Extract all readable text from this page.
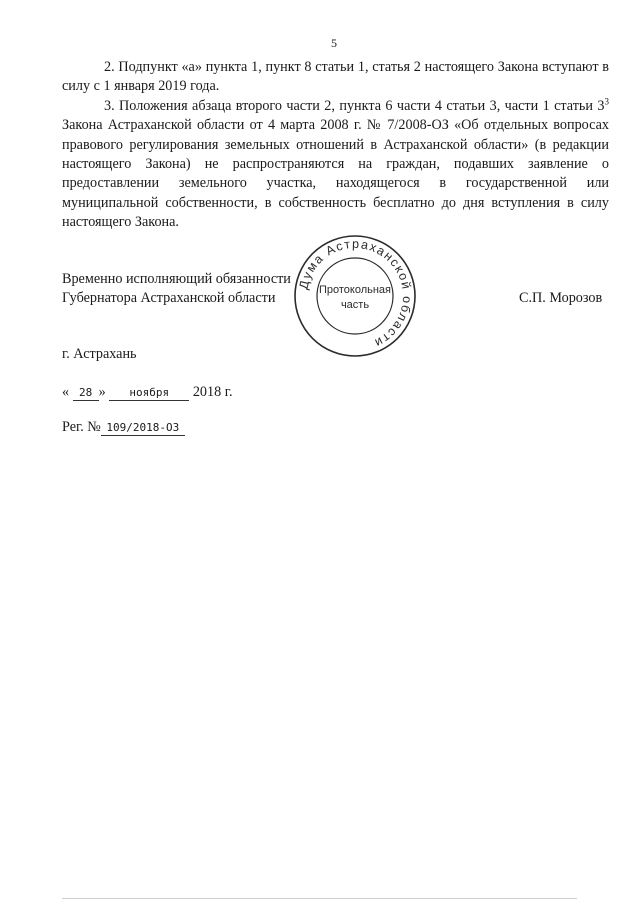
5

2. Подпункт «а» пункта 1, пункт 8 статьи 1, статья 2 настоящего Закона вступают в силу с 1 января 2019 года.

3. Положения абзаца второго части 2, пункта 6 части 4 статьи 3, части 1 статьи $3^3$ Закона Астраханской области от 4 марта 2008 г. № 7/2008-ОЗ «Об отдельных вопросах правового регулирования земельных отношений в Астраханской области» (в редакции настоящего Закона) не распространяются на граждан, подавших заявление о предоставлении земельного участка, находящегося в государственной или муниципальной собственности, в собственность бесплатно до дня вступления в силу настоящего Закона.

Временно исполняющий обязанности
Губернатора Астраханской области	С.П. Морозов
Дума Астраханской области
Протокольная
часть
г. Астрахань
« 28 » ноября 2018 г.
Рег. № 109/2018-ОЗ
